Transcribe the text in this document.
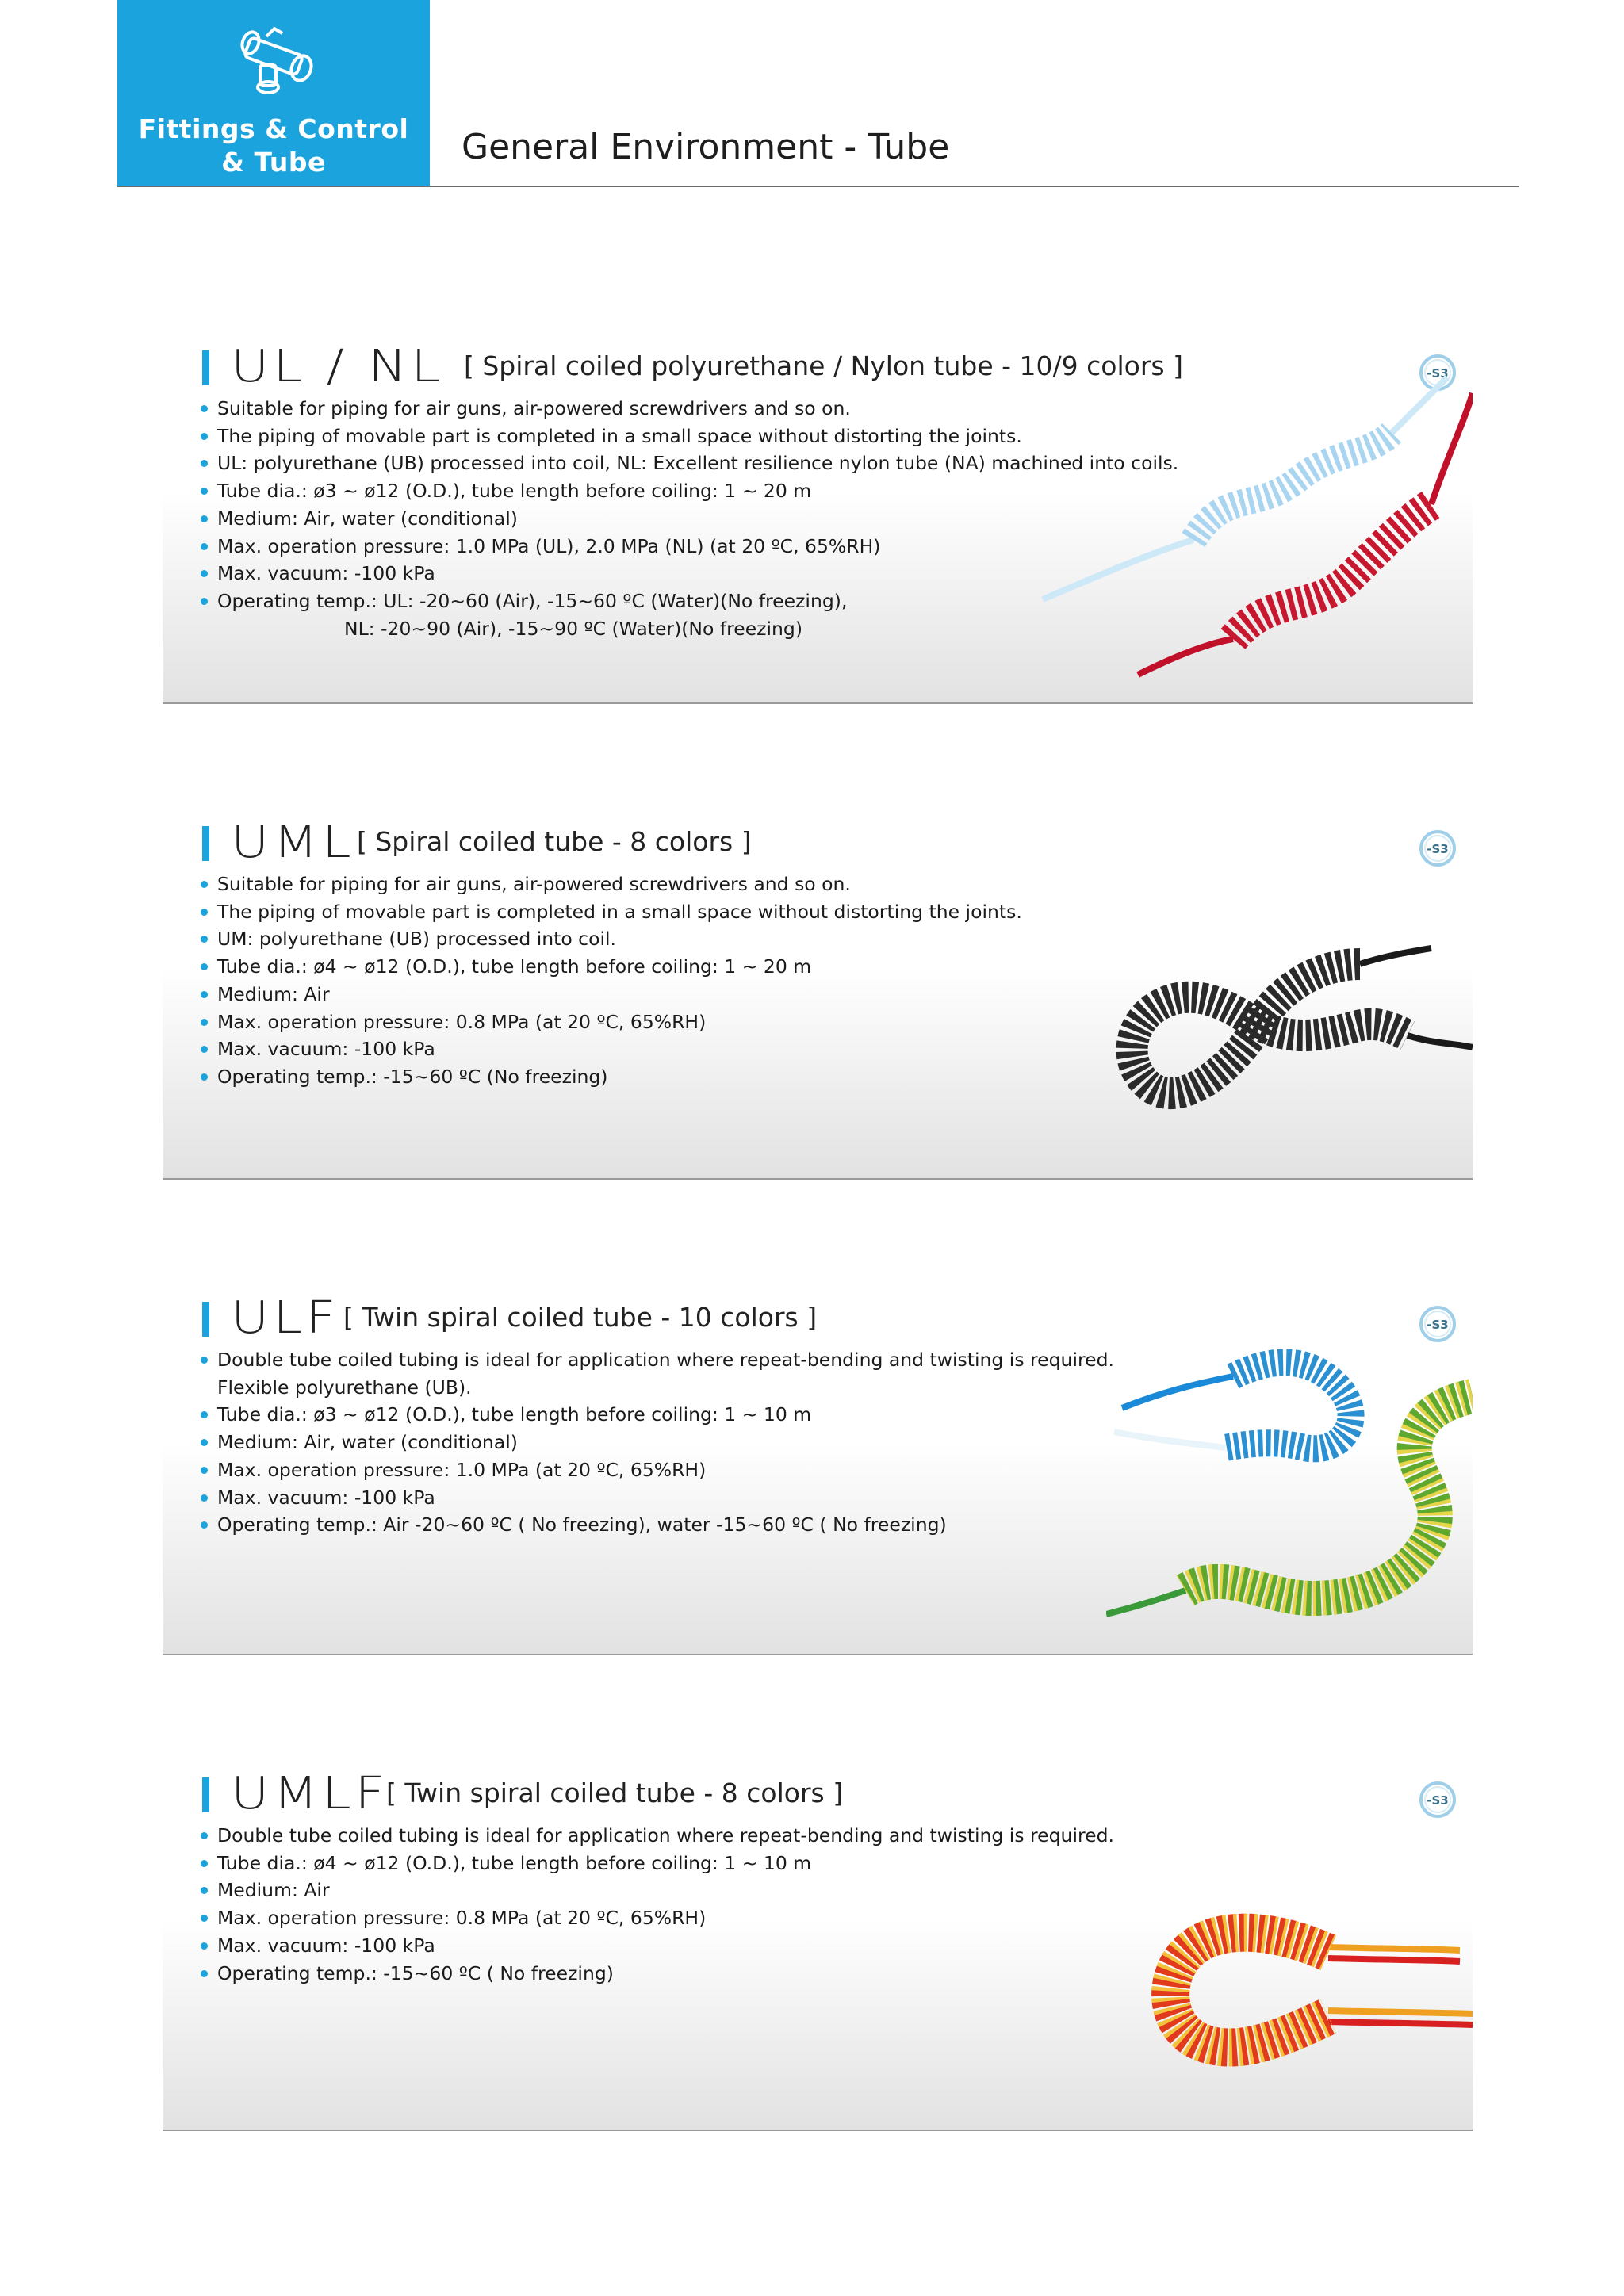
Fittings & Control
& Tube	General Environment - Tube
UL / NL [ Spiral coiled polyurethane / Nylon tube - 10/9 colors ]	-S3
Suitable for piping for air guns, air-powered screwdrivers and so on.
The piping of movable part is completed in a small space without distorting the joints.
UL: polyurethane (UB) processed into coil, NL: Excellent resilience nylon tube (NA) machined into coils.
Tube dia.: ø3 ~ ø12 (O.D.), tube length before coiling: 1 ~ 20 m
Medium: Air, water (conditional)
Max. operation pressure: 1.0 MPa (UL), 2.0 MPa (NL) (at 20 ºC, 65%RH)
Max. vacuum: -100 kPa
Operating temp.: UL: -20~60 (Air), -15~60 ºC (Water)(No freezing),
NL: -20~90 (Air), -15~90 ºC (Water)(No freezing)
UML [ Spiral coiled tube - 8 colors ]	-S3
Suitable for piping for air guns, air-powered screwdrivers and so on.
The piping of movable part is completed in a small space without distorting the joints.
UM: polyurethane (UB) processed into coil.
Tube dia.: ø4 ~ ø12 (O.D.), tube length before coiling: 1 ~ 20 m
Medium: Air
Max. operation pressure: 0.8 MPa (at 20 ºC, 65%RH)
Max. vacuum: -100 kPa
Operating temp.: -15~60 ºC (No freezing)
ULF [ Twin spiral coiled tube - 10 colors ]	-S3
Double tube coiled tubing is ideal for application where repeat-bending and twisting is required.
Flexible polyurethane (UB).
Tube dia.: ø3 ~ ø12 (O.D.), tube length before coiling: 1 ~ 10 m
Medium: Air, water (conditional)
Max. operation pressure: 1.0 MPa (at 20 ºC, 65%RH)
Max. vacuum: -100 kPa
Operating temp.: Air -20~60 ºC ( No freezing), water -15~60 ºC ( No freezing)
UMLF
[ Twin spiral coiled tube - 8 colors ]	-S3
Double tube coiled tubing is ideal for application where repeat-bending and twisting is required.
Tube dia.: ø4 ~ ø12 (O.D.), tube length before coiling: 1 ~ 10 m
Medium: Air
Max. operation pressure: 0.8 MPa (at 20 ºC, 65%RH)
Max. vacuum: -100 kPa
Operating temp.: -15~60 ºC ( No freezing)
